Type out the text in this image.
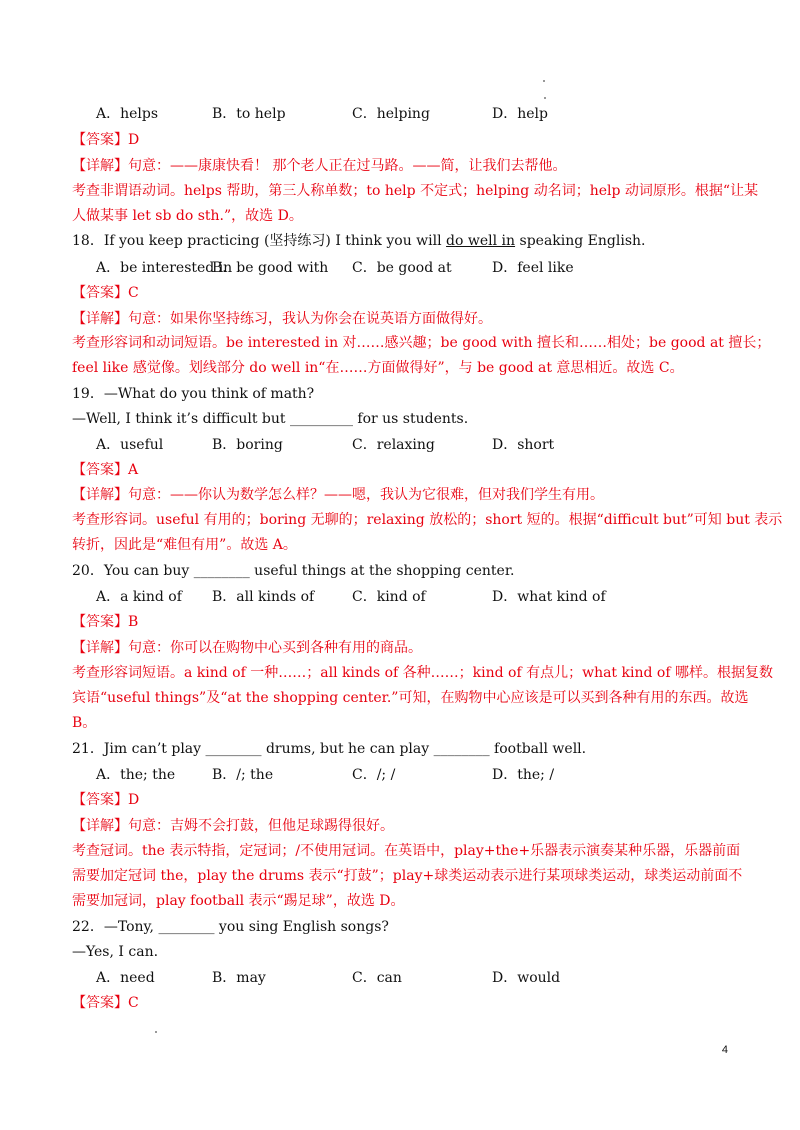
A．helps	B．to help	C．helping	D．help
【答案】D
【详解】句意：——康康快看！ 那个老人正在过马路。——简，让我们去帮他。
考查非谓语动词。helps 帮助，第三人称单数；to help 不定式；helping 动名词；help 动词原形。根据“让某
人做某事 let sb do sth.”，故选 D。
18．If you keep practicing (坚持练习) I think you will do well in speaking English.
A．be interested in
B．be good with C．be good at	D．feel like
【答案】C
【详解】句意：如果你坚持练习，我认为你会在说英语方面做得好。
考查形容词和动词短语。be interested in 对……感兴趣；be good with 擅长和……相处；be good at 擅长；
feel like 感觉像。划线部分 do well in“在……方面做得好”，与 be good at 意思相近。故选 C。
19．—What do you think of math?
—Well, I think it’s difficult but _________ for us students.
A．useful	B．boring	C．relaxing	D．short
【答案】A
【详解】句意：——你认为数学怎么样？——嗯，我认为它很难，但对我们学生有用。
考查形容词。useful 有用的；boring 无聊的；relaxing 放松的；short 短的。根据“difficult but”可知 but 表示
转折，因此是“难但有用”。故选 A。
20．You can buy ________ useful things at the shopping center.
A．a kind of B．all kinds of	C．kind of	D．what kind of
【答案】B
【详解】句意：你可以在购物中心买到各种有用的商品。
考查形容词短语。a kind of 一种……；all kinds of 各种……；kind of 有点儿；what kind of 哪样。根据复数
宾语“useful things”及“at the shopping center.”可知，在购物中心应该是可以买到各种有用的东西。故选
B。
21．Jim can’t play ________ drums, but he can play ________ football well.
A．the; the	B．/; the	C．/; /	D．the; /
【答案】D
【详解】句意：吉姆不会打鼓，但他足球踢得很好。
考查冠词。the 表示特指，定冠词；/不使用冠词。在英语中，play+the+乐器表示演奏某种乐器，乐器前面
需要加定冠词 the，play the drums 表示“打鼓”；play+球类运动表示进行某项球类运动，球类运动前面不
需要加冠词，play football 表示“踢足球”，故选 D。
22．—Tony, ________ you sing English songs?
—Yes, I can.
A．need	B．may	C．can	D．would
【答案】C
4
